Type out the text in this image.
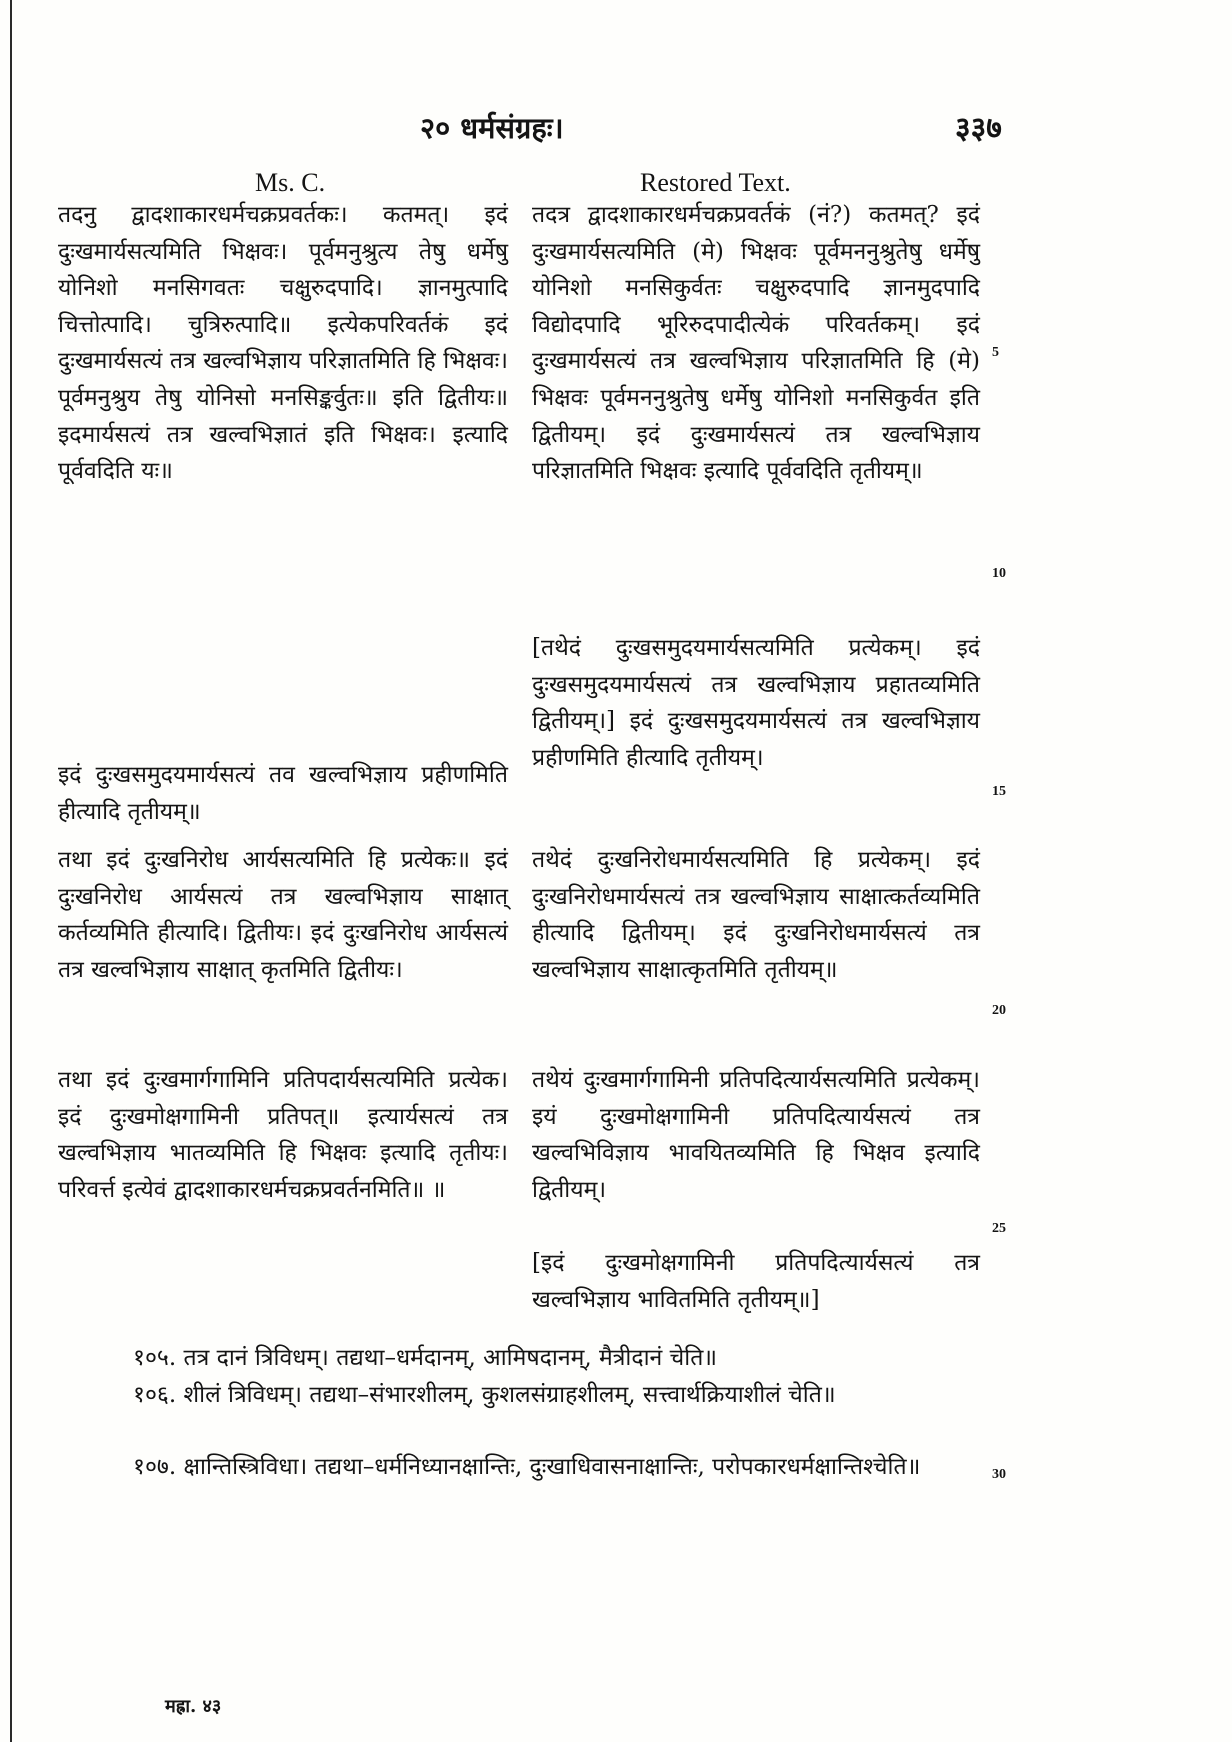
२० धर्मसंग्रहः।	३३७
Ms. C.	Restored Text.
तदनु द्वादशाकारधर्मचक्रप्रवर्तकः। कतमत्। इदं दुःखमार्यसत्यमिति भिक्षवः। पूर्वमनुश्रुत्य तेषु धर्मेषु योनिशो मनसिगवतः चक्षुरुदपादि। ज्ञानमुत्पादि चित्तोत्पादि। चुत्रिरुत्पादि॥ इत्येकपरिवर्तकं इदं दुःखमार्यसत्यं तत्र खल्वभिज्ञाय परिज्ञातमिति हि भिक्षवः। पूर्वमनुश्रुय तेषु योनिसो मनसिङ्कर्वुतः॥ इति द्वितीयः॥ इदमार्यसत्यं तत्र खल्वभिज्ञातं इति भिक्षवः। इत्यादि पूर्ववदिति यः॥
इदं दुःखसमुदयमार्यसत्यं तव खल्वभिज्ञाय प्रहीणमिति हीत्यादि तृतीयम्॥
तथा इदं दुःखनिरोध आर्यसत्यमिति हि प्रत्येकः॥ इदं दुःखनिरोध आर्यसत्यं तत्र खल्वभिज्ञाय साक्षात् कर्तव्यमिति हीत्यादि। द्वितीयः। इदं दुःखनिरोध आर्यसत्यं तत्र खल्वभिज्ञाय साक्षात् कृतमिति द्वितीयः।
तथा इदं दुःखमार्गगामिनि प्रतिपदार्यसत्यमिति प्रत्येक। इदं दुःखमोक्षगामिनी प्रतिपत्॥ इत्यार्यसत्यं तत्र खल्वभिज्ञाय भातव्यमिति हि भिक्षवः इत्यादि तृतीयः। परिवर्त्त इत्येवं द्वादशाकारधर्मचक्रप्रवर्तनमिति॥ ॥
तदत्र द्वादशाकारधर्मचक्रप्रवर्तकं (नं?) कतमत्? इदं दुःखमार्यसत्यमिति (मे) भिक्षवः पूर्वमननुश्रुतेषु धर्मेषु योनिशो मनसिकुर्वतः चक्षुरुदपादि ज्ञानमुदपादि विद्योदपादि भूरिरुदपादीत्येकं परिवर्तकम्। इदं दुःखमार्यसत्यं तत्र खल्वभिज्ञाय परिज्ञातमिति हि (मे) भिक्षवः पूर्वमननुश्रुतेषु धर्मेषु योनिशो मनसिकुर्वत इति द्वितीयम्। इदं दुःखमार्यसत्यं तत्र खल्वभिज्ञाय परिज्ञातमिति भिक्षवः इत्यादि पूर्ववदिति तृतीयम्॥
[तथेदं दुःखसमुदयमार्यसत्यमिति प्रत्येकम्। इदं दुःखसमुदयमार्यसत्यं तत्र खल्वभिज्ञाय प्रहातव्यमिति द्वितीयम्।] इदं दुःखसमुदयमार्यसत्यं तत्र खल्वभिज्ञाय प्रहीणमिति हीत्यादि तृतीयम्।
तथेदं दुःखनिरोधमार्यसत्यमिति हि प्रत्येकम्। इदं दुःखनिरोधमार्यसत्यं तत्र खल्वभिज्ञाय साक्षात्कर्तव्यमिति हीत्यादि द्वितीयम्। इदं दुःखनिरोधमार्यसत्यं तत्र खल्वभिज्ञाय साक्षात्कृतमिति तृतीयम्॥
तथेयं दुःखमार्गगामिनी प्रतिपदित्यार्यसत्यमिति प्रत्येकम्। इयं दुःखमोक्षगामिनी प्रतिपदित्यार्यसत्यं तत्र खल्वभिविज्ञाय भावयितव्यमिति हि भिक्षव इत्यादि द्वितीयम्।
[इदं दुःखमोक्षगामिनी प्रतिपदित्यार्यसत्यं तत्र खल्वभिज्ञाय भावितमिति तृतीयम्॥]
5
10
15
20
25
30
१०५. तत्र दानं त्रिविधम्। तद्यथा–धर्मदानम्, आमिषदानम्, मैत्रीदानं चेति॥
१०६. शीलं त्रिविधम्। तद्यथा–संभारशीलम्, कुशलसंग्राहशीलम्, सत्त्वार्थक्रियाशीलं चेति॥
१०७. क्षान्तिस्त्रिविधा। तद्यथा–धर्मनिध्यानक्षान्तिः, दुःखाधिवासनाक्षान्तिः, परोपकारधर्मक्षान्तिश्चेति॥
मह्रा. ४३
